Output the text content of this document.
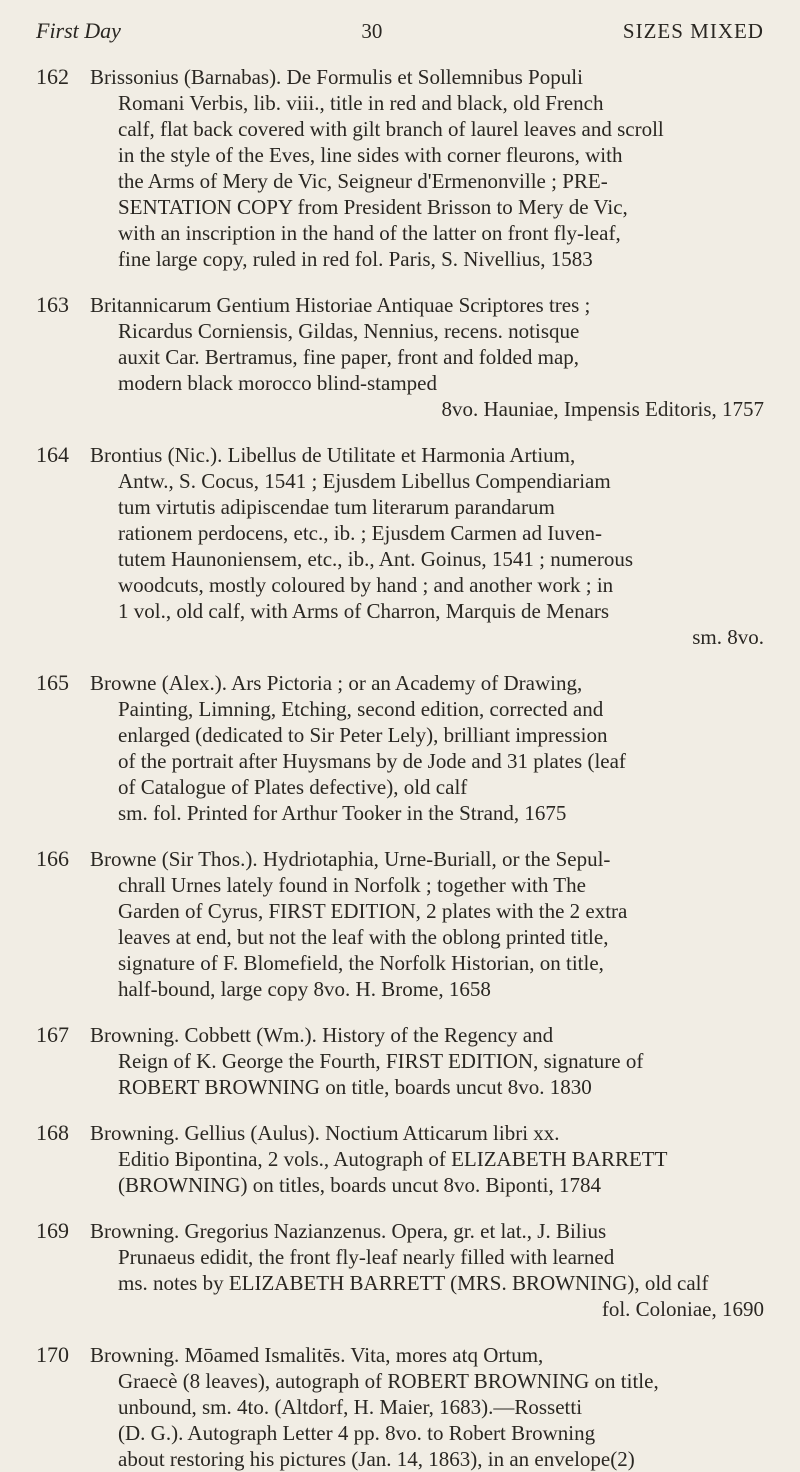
First Day	30	SIZES MIXED
162	Brissonius (Barnabas). De Formulis et Sollemnibus Populi
Romani Verbis, lib. viii., title in red and black, old French
calf, flat back covered with gilt branch of laurel leaves and scroll
in the style of the Eves, line sides with corner fleurons, with
the Arms of Mery de Vic, Seigneur d'Ermenonville ; PRE-
SENTATION COPY from President Brisson to Mery de Vic,
with an inscription in the hand of the latter on front fly-leaf,
fine large copy, ruled in red fol. Paris, S. Nivellius, 1583
163	Britannicarum Gentium Historiae Antiquae Scriptores tres ;
Ricardus Corniensis, Gildas, Nennius, recens. notisque
auxit Car. Bertramus, fine paper, front and folded map,
modern black morocco blind-stamped
8vo. Hauniae, Impensis Editoris, 1757
164	Brontius (Nic.). Libellus de Utilitate et Harmonia Artium,
Antw., S. Cocus, 1541 ; Ejusdem Libellus Compendiariam
tum virtutis adipiscendae tum literarum parandarum
rationem perdocens, etc., ib. ; Ejusdem Carmen ad Iuven-
tutem Haunoniensem, etc., ib., Ant. Goinus, 1541 ; numerous
woodcuts, mostly coloured by hand ; and another work ; in
1 vol., old calf, with Arms of Charron, Marquis de Menars
sm. 8vo.
165	Browne (Alex.). Ars Pictoria ; or an Academy of Drawing,
Painting, Limning, Etching, second edition, corrected and
enlarged (dedicated to Sir Peter Lely), brilliant impression
of the portrait after Huysmans by de Jode and 31 plates (leaf
of Catalogue of Plates defective), old calf
sm. fol. Printed for Arthur Tooker in the Strand, 1675
166	Browne (Sir Thos.). Hydriotaphia, Urne-Buriall, or the Sepul-
chrall Urnes lately found in Norfolk ; together with The
Garden of Cyrus, FIRST EDITION, 2 plates with the 2 extra
leaves at end, but not the leaf with the oblong printed title,
signature of F. Blomefield, the Norfolk Historian, on title,
half-bound, large copy 8vo. H. Brome, 1658
167	Browning. Cobbett (Wm.). History of the Regency and
Reign of K. George the Fourth, FIRST EDITION, signature of
ROBERT BROWNING on title, boards uncut 8vo. 1830
168	Browning. Gellius (Aulus). Noctium Atticarum libri xx.
Editio Bipontina, 2 vols., Autograph of ELIZABETH BARRETT
(BROWNING) on titles, boards uncut 8vo. Biponti, 1784
169	Browning. Gregorius Nazianzenus. Opera, gr. et lat., J. Bilius
Prunaeus edidit, the front fly-leaf nearly filled with learned
ms. notes by ELIZABETH BARRETT (MRS. BROWNING), old calf
fol. Coloniae, 1690
170	Browning. Mōamed Ismalitēs. Vita, mores atq Ortum,
Graecè (8 leaves), autograph of ROBERT BROWNING on title,
unbound, sm. 4to. (Altdorf, H. Maier, 1683).—Rossetti
(D. G.). Autograph Letter 4 pp. 8vo. to Robert Browning
about restoring his pictures (Jan. 14, 1863), in an envelope(2)
